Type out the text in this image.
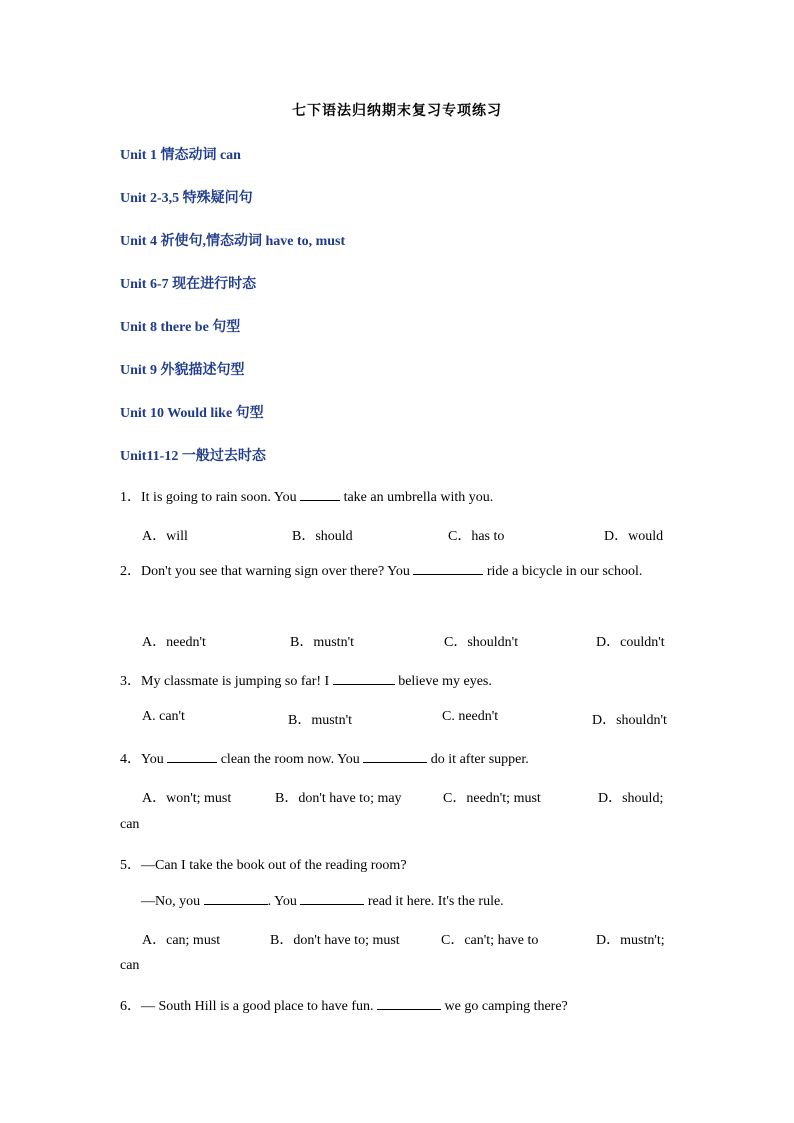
七下语法归纳期末复习专项练习
Unit 1 情态动词 can
Unit 2-3,5 特殊疑问句
Unit 4 祈使句,情态动词 have to, must
Unit 6-7 现在进行时态
Unit 8 there be 句型
Unit 9 外貌描述句型
Unit 10 Would like 句型
Unit11-12 一般过去时态
1．It is going to rain soon. You	take an umbrella with you.
A．will	B．should	C．has to	D．would
2．Don't you see that warning sign over there? You	ride a bicycle in our school.
A．needn't	B．mustn't	C．shouldn't	D．couldn't
3．My classmate is jumping so far! I	believe my eyes.
A. can't	B．mustn't	C. needn't	D．shouldn't
4．You	clean the room now. You	do it after supper.
A．won't; must	B．don't have to; may	C．needn't; must	D．should;
can
5．—Can I take the book out of the reading room?
—No, you	. You	read it here. It's the rule.
A．can; must	B．don't have to; must	C．can't; have to	D．mustn't;
can
6．— South Hill is a good place to have fun.	we go camping there?
